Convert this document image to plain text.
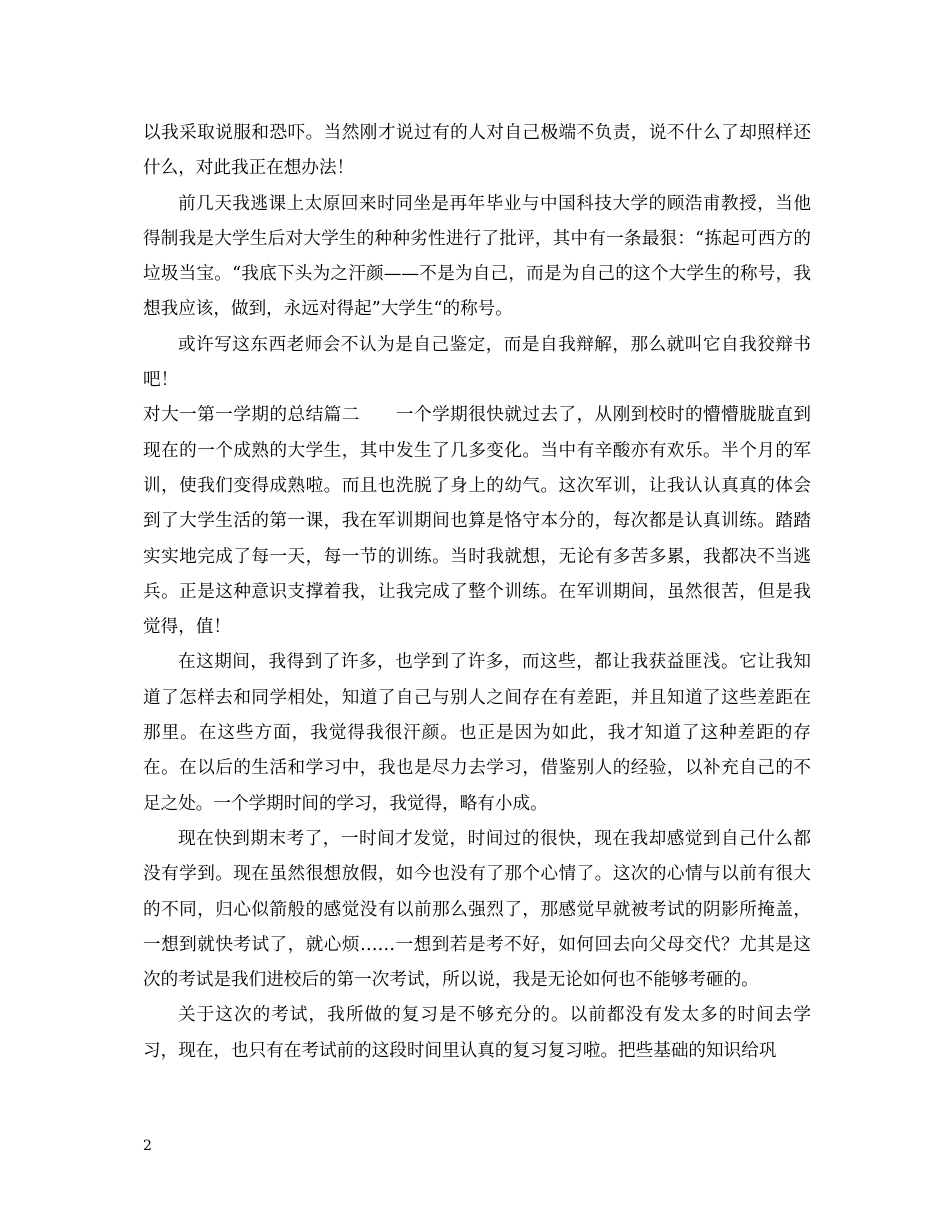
以我采取说服和恐吓。当然刚才说过有的人对自己极端不负责，说不什么了却照样还什么，对此我正在想办法！

前几天我逃课上太原回来时同坐是再年毕业与中国科技大学的顾浩甫教授，当他得制我是大学生后对大学生的种种劣性进行了批评，其中有一条最狠：“拣起可西方的垃圾当宝。“我底下头为之汗颜——不是为自己，而是为自己的这个大学生的称号，我想我应该，做到，永远对得起”大学生“的称号。

或许写这东西老师会不认为是自己鉴定，而是自我辩解，那么就叫它自我狡辩书吧！

对大一第一学期的总结篇二　　一个学期很快就过去了，从刚到校时的懵懵胧胧直到现在的一个成熟的大学生，其中发生了几多变化。当中有辛酸亦有欢乐。半个月的军训，使我们变得成熟啦。而且也洗脱了身上的幼气。这次军训，让我认认真真的体会到了大学生活的第一课，我在军训期间也算是恪守本分的，每次都是认真训练。踏踏实实地完成了每一天，每一节的训练。当时我就想，无论有多苦多累，我都决不当逃兵。正是这种意识支撑着我，让我完成了整个训练。在军训期间，虽然很苦，但是我觉得，值！

在这期间，我得到了许多，也学到了许多，而这些，都让我获益匪浅。它让我知道了怎样去和同学相处，知道了自己与别人之间存在有差距，并且知道了这些差距在那里。在这些方面，我觉得我很汗颜。也正是因为如此，我才知道了这种差距的存在。在以后的生活和学习中，我也是尽力去学习，借鉴别人的经验，以补充自己的不足之处。一个学期时间的学习，我觉得，略有小成。

现在快到期末考了，一时间才发觉，时间过的很快，现在我却感觉到自己什么都没有学到。现在虽然很想放假，如今也没有了那个心情了。这次的心情与以前有很大的不同，归心似箭般的感觉没有以前那么强烈了，那感觉早就被考试的阴影所掩盖，一想到就快考试了，就心烦……一想到若是考不好，如何回去向父母交代？尤其是这次的考试是我们进校后的第一次考试，所以说，我是无论如何也不能够考砸的。

关于这次的考试，我所做的复习是不够充分的。以前都没有发太多的时间去学习，现在，也只有在考试前的这段时间里认真的复习复习啦。把些基础的知识给巩

2
